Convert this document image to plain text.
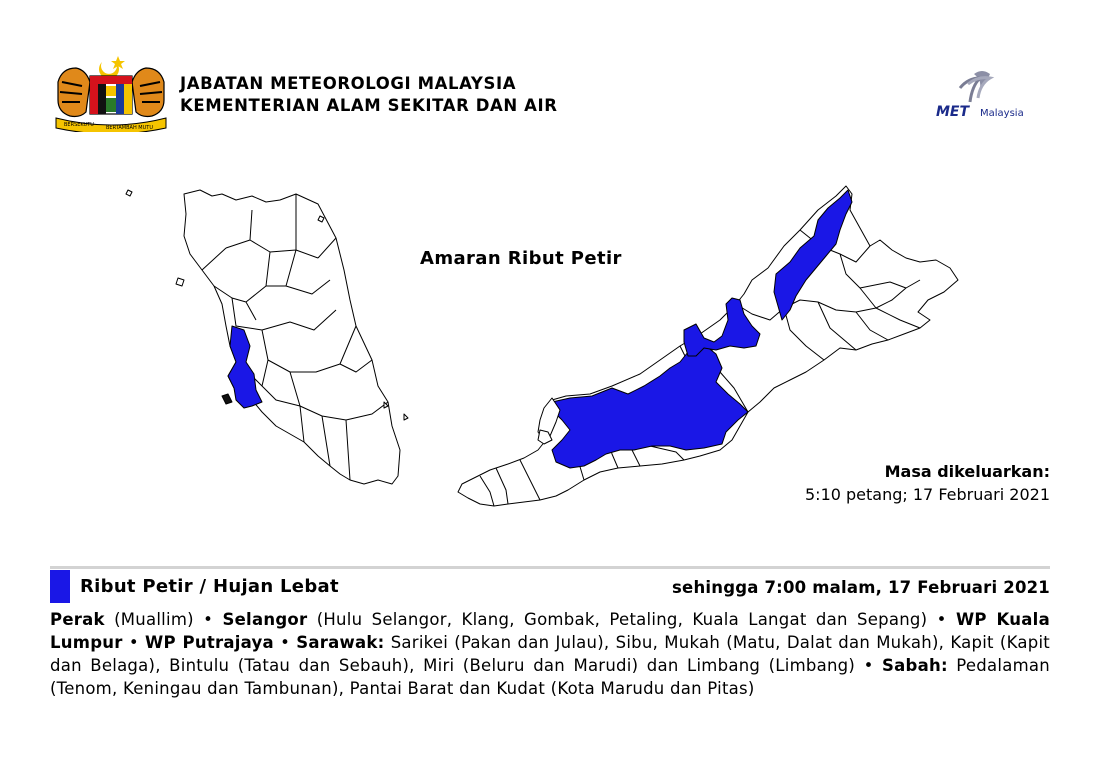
BERSEKUTU BERTAMBAH MUTU
JABATAN METEOROLOGI MALAYSIA
KEMENTERIAN ALAM SEKITAR DAN AIR	MET Malaysia
Amaran Ribut Petir
Masa dikeluarkan:
5:10 petang; 17 Februari 2021
Ribut Petir / Hujan Lebat	sehingga 7:00 malam, 17 Februari 2021
Perak (Muallim) • Selangor (Hulu Selangor, Klang, Gombak, Petaling, Kuala Langat dan Sepang) • WP Kuala Lumpur • WP Putrajaya • Sarawak: Sarikei (Pakan dan Julau), Sibu, Mukah (Matu, Dalat dan Mukah), Kapit (Kapit dan Belaga), Bintulu (Tatau dan Sebauh), Miri (Beluru dan Marudi) dan Limbang (Limbang) • Sabah: Pedalaman (Tenom, Keningau dan Tambunan), Pantai Barat dan Kudat (Kota Marudu dan Pitas)
